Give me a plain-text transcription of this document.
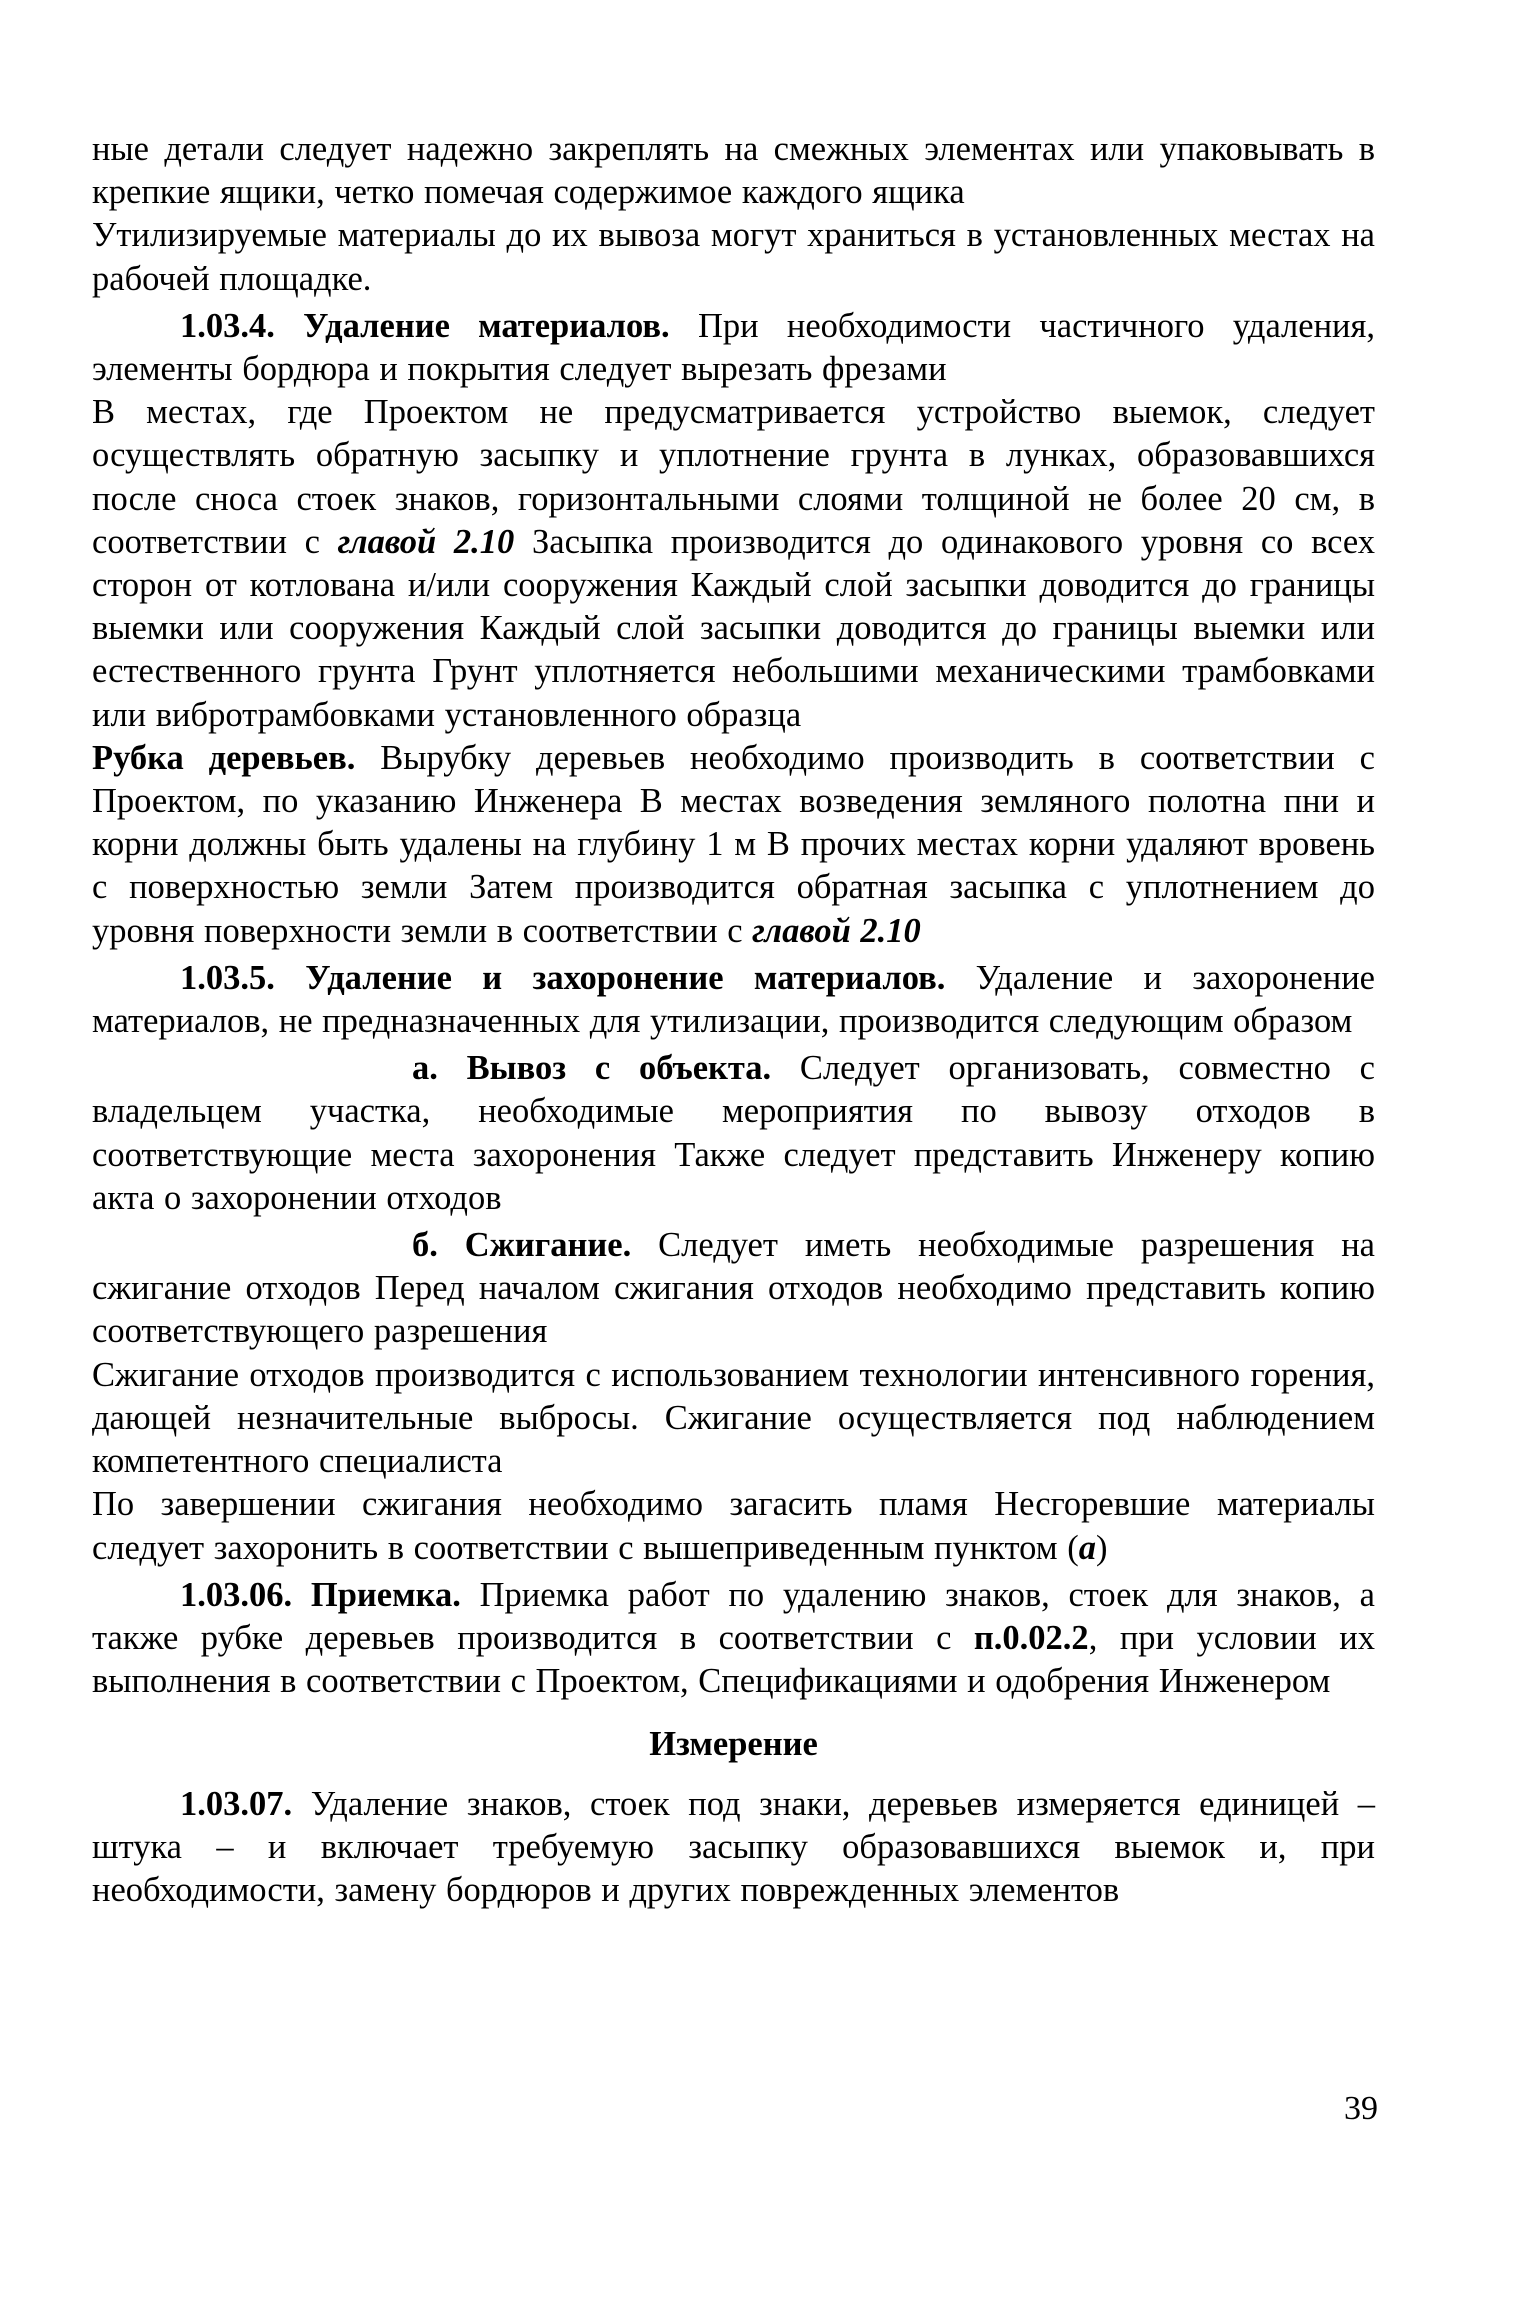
ные детали следует надежно закреплять на смежных элементах или упаковывать в крепкие ящики, четко помечая содержимое каждого ящика

Утилизируемые материалы до их вывоза могут храниться в установленных местах на рабочей площадке.

1.03.4. Удаление материалов. При необходимости частичного удаления, элементы бордюра и покрытия следует вырезать фрезами

В местах, где Проектом не предусматривается устройство выемок, следует осуществлять обратную засыпку и уплотнение грунта в лунках, образовавшихся после сноса стоек знаков, горизонтальными слоями толщиной не более 20 см, в соответствии с главой 2.10 Засыпка производится до одинакового уровня со всех сторон от котлована и/или сооружения Каждый слой засыпки доводится до границы выемки или сооружения Каждый слой засыпки доводится до границы выемки или естественного грунта Грунт уплотняется небольшими механическими трамбовками или вибротрамбовками установленного образца

Рубка деревьев. Вырубку деревьев необходимо производить в соответствии с Проектом, по указанию Инженера В местах возведения земляного полотна пни и корни должны быть удалены на глубину 1 м В прочих местах корни удаляют вровень с поверхностью земли Затем производится обратная засыпка с уплотнением до уровня поверхности земли в соответствии с главой 2.10

1.03.5. Удаление и захоронение материалов. Удаление и захоронение материалов, не предназначенных для утилизации, производится следующим образом

а. Вывоз с объекта. Следует организовать, совместно с владельцем участка, необходимые мероприятия по вывозу отходов в соответствующие места захоронения Также следует представить Инженеру копию акта о захоронении отходов

б. Сжигание. Следует иметь необходимые разрешения на сжигание отходов Перед началом сжигания отходов необходимо представить копию соответствующего разрешения

Сжигание отходов производится с использованием технологии интенсивного горения, дающей незначительные выбросы. Сжигание осуществляется под наблюдением компетентного специалиста

По завершении сжигания необходимо загасить пламя Несгоревшие материалы следует захоронить в соответствии с вышеприведенным пунктом (а)

1.03.06. Приемка. Приемка работ по удалению знаков, стоек для знаков, а также рубке деревьев производится в соответствии с п.0.02.2, при условии их выполнения в соответствии с Проектом, Спецификациями и одобрения Инженером

Измерение

1.03.07. Удаление знаков, стоек под знаки, деревьев измеряется единицей – штука – и включает требуемую засыпку образовавшихся выемок и, при необходимости, замену бордюров и других поврежденных элементов

39
